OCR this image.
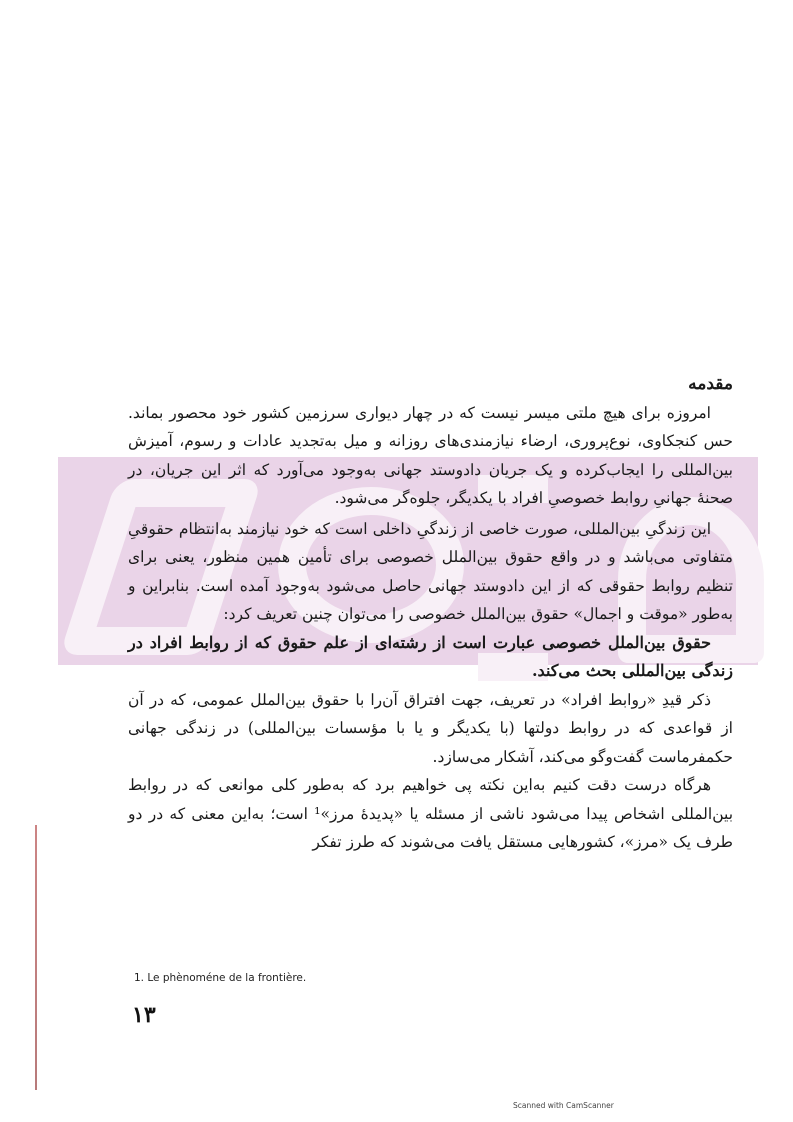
مقدمه

امروزه برای هیچ ملتی میسر نیست که در چهار دیواری سرزمین کشور خود محصور بماند. حس کنجکاوی، نوع‌پروری، ارضاء نیازمندی‌های روزانه و میل به‌تجدید عادات و رسوم، آمیزش بین‌المللی را ایجاب‌کرده و یک جریان دادوستد جهانی به‌وجود می‌آورد که اثر این جریان، در صحنهٔ جهانیِ روابط خصوصیِ افراد با یکدیگر، جلوه‌گر می‌شود.

این زندگیِ بین‌المللی، صورت خاصی از زندگیِ داخلی است که خود نیازمند به‌انتظام حقوقیِ متفاوتی می‌باشد و در واقع حقوق بین‌الملل خصوصی برای تأمین همین منظور، یعنی برای تنظیم روابط حقوقی که از این دادوستد جهانی حاصل می‌شود به‌وجود آمده است. بنابراین و به‌طور «موقت و اجمال» حقوق بین‌الملل خصوصی را می‌توان چنین تعریف کرد:

حقوق بین‌الملل خصوصی عبارت است از رشته‌ای از علم حقوق که از روابط افراد در زندگی بین‌المللی بحث می‌کند.

ذکر قیدِ «روابط افراد» در تعریف، جهت افتراق آن‌را با حقوق بین‌الملل عمومی، که در آن از قواعدی که در روابط دولتها (با یکدیگر و یا با مؤسسات بین‌المللی) در زندگی جهانی حکمفرماست گفت‌وگو می‌کند، آشکار می‌سازد.

هرگاه درست دقت کنیم به‌این نکته پی خواهیم برد که به‌طور کلی موانعی که در روابط بین‌المللی اشخاص پیدا می‌شود ناشی از مسئله یا «پدیدهٔ مرز»¹ است؛ به‌این معنی که در دو طرف یک «مرز»، کشورهایی مستقل یافت می‌شوند که طرز تفکر

1. Le phènoméne de la frontière.
۱۳
Scanned with CamScanner
